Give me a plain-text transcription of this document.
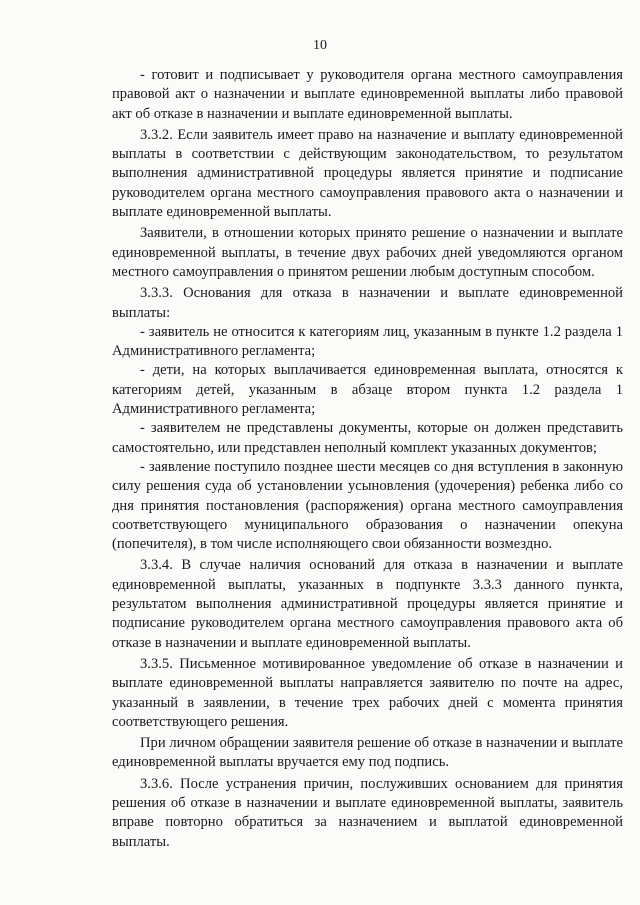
10

- готовит и подписывает у руководителя органа местного самоуправления правовой акт о назначении и выплате единовременной выплаты либо правовой акт об отказе в назначении и выплате единовременной выплаты.

3.3.2. Если заявитель имеет право на назначение и выплату единовременной выплаты в соответствии с действующим законодательством, то результатом выполнения административной процедуры является принятие и подписание руководителем органа местного самоуправления правового акта о назначении и выплате единовременной выплаты.

Заявители, в отношении которых принято решение о назначении и выплате единовременной выплаты, в течение двух рабочих дней уведомляются органом местного самоуправления о принятом решении любым доступным способом.

3.3.3. Основания для отказа в назначении и выплате единовременной выплаты:

- заявитель не относится к категориям лиц, указанным в пункте 1.2 раздела 1 Административного регламента;

- дети, на которых выплачивается единовременная выплата, относятся к категориям детей, указанным в абзаце втором пункта 1.2 раздела 1 Административного регламента;

- заявителем не представлены документы, которые он должен представить самостоятельно, или представлен неполный комплект указанных документов;

- заявление поступило позднее шести месяцев со дня вступления в законную силу решения суда об установлении усыновления (удочерения) ребенка либо со дня принятия постановления (распоряжения) органа местного самоуправления соответствующего муниципального образования о назначении опекуна (попечителя), в том числе исполняющего свои обязанности возмездно.

3.3.4. В случае наличия оснований для отказа в назначении и выплате единовременной выплаты, указанных в подпункте 3.3.3 данного пункта, результатом выполнения административной процедуры является принятие и подписание руководителем органа местного самоуправления правового акта об отказе в назначении и выплате единовременной выплаты.

3.3.5. Письменное мотивированное уведомление об отказе в назначении и выплате единовременной выплаты направляется заявителю по почте на адрес, указанный в заявлении, в течение трех рабочих дней с момента принятия соответствующего решения.

При личном обращении заявителя решение об отказе в назначении и выплате единовременной выплаты вручается ему под подпись.

3.3.6. После устранения причин, послуживших основанием для принятия решения об отказе в назначении и выплате единовременной выплаты, заявитель вправе повторно обратиться за назначением и выплатой единовременной выплаты.
